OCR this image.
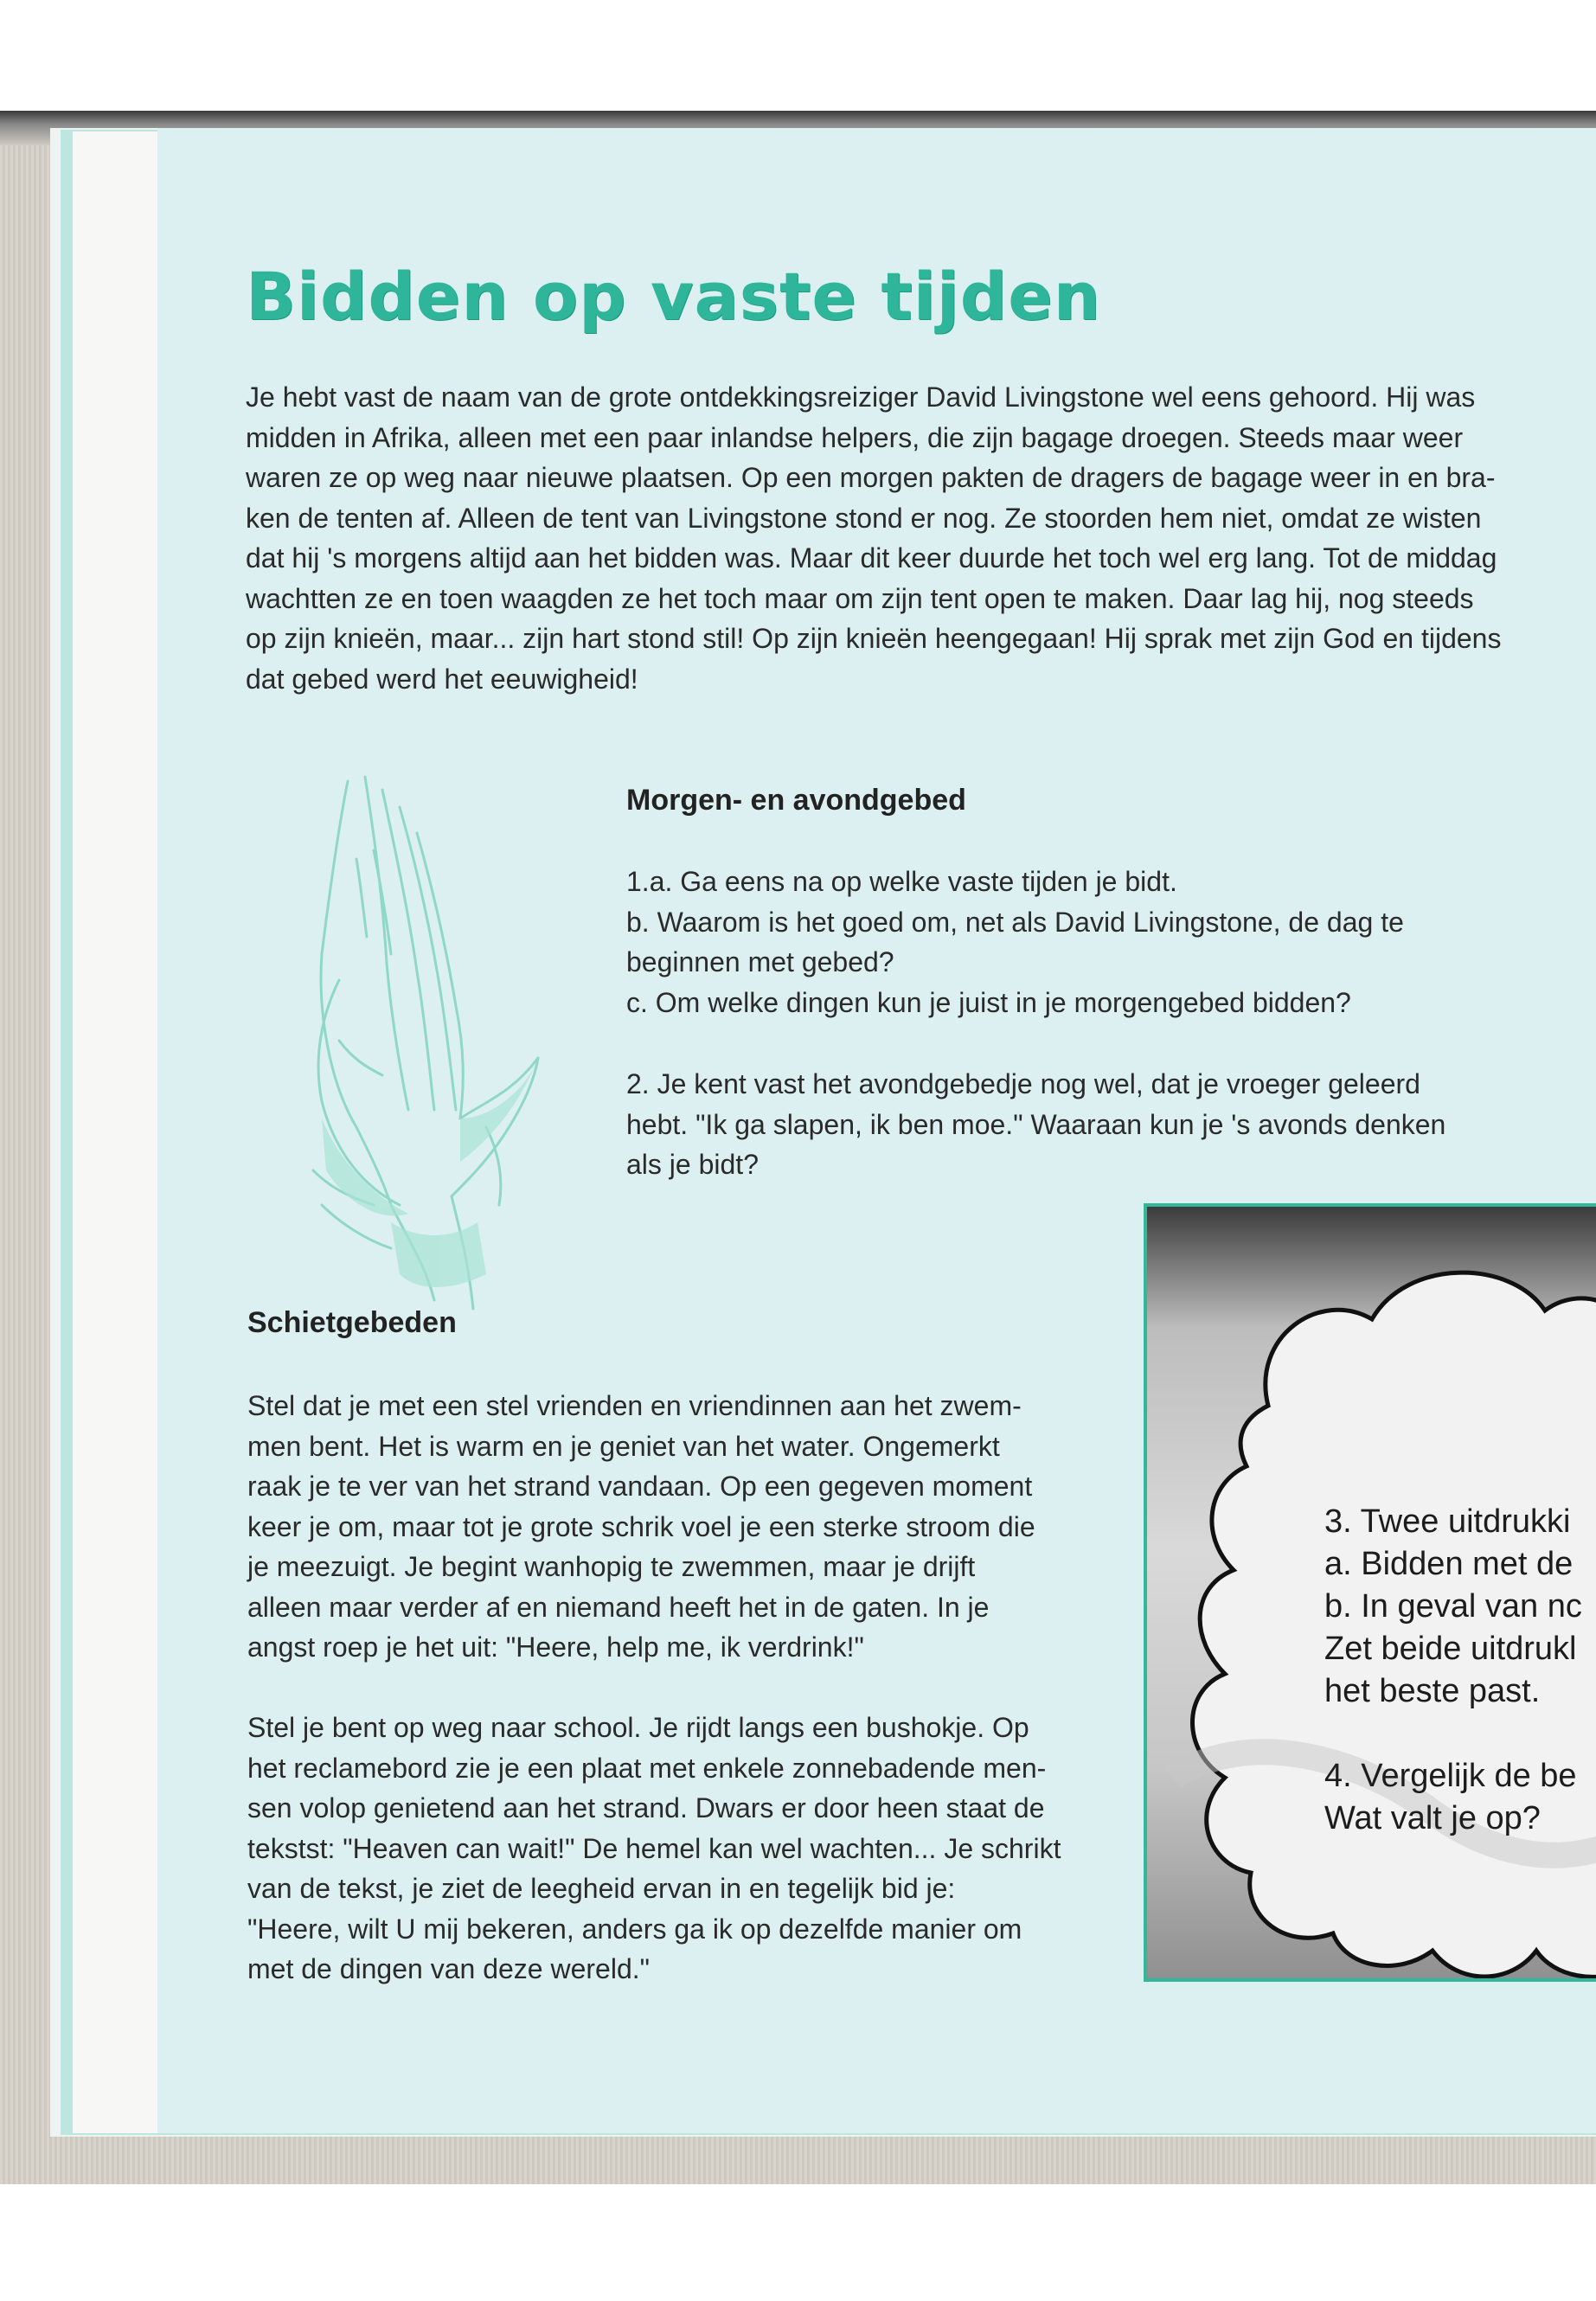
Bidden op vaste tijden
Je hebt vast de naam van de grote ontdekkingsreiziger David Livingstone wel eens gehoord. Hij was
midden in Afrika, alleen met een paar inlandse helpers, die zijn bagage droegen. Steeds maar weer
waren ze op weg naar nieuwe plaatsen. Op een morgen pakten de dragers de bagage weer in en bra-
ken de tenten af. Alleen de tent van Livingstone stond er nog. Ze stoorden hem niet, omdat ze wisten
dat hij 's morgens altijd aan het bidden was. Maar dit keer duurde het toch wel erg lang. Tot de middag
wachtten ze en toen waagden ze het toch maar om zijn tent open te maken. Daar lag hij, nog steeds
op zijn knieën, maar... zijn hart stond stil! Op zijn knieën heengegaan! Hij sprak met zijn God en tijdens
dat gebed werd het eeuwigheid!
Morgen- en avondgebed
1.a. Ga eens na op welke vaste tijden je bidt.
b. Waarom is het goed om, net als David Livingstone, de dag te
beginnen met gebed?
c. Om welke dingen kun je juist in je morgengebed bidden?
2. Je kent vast het avondgebedje nog wel, dat je vroeger geleerd
hebt. "Ik ga slapen, ik ben moe." Waaraan kun je 's avonds denken
als je bidt?
Schietgebeden
Stel dat je met een stel vrienden en vriendinnen aan het zwem-
men bent. Het is warm en je geniet van het water. Ongemerkt
raak je te ver van het strand vandaan. Op een gegeven moment
keer je om, maar tot je grote schrik voel je een sterke stroom die
je meezuigt. Je begint wanhopig te zwemmen, maar je drijft
alleen maar verder af en niemand heeft het in de gaten. In je
angst roep je het uit: "Heere, help me, ik verdrink!"
Stel je bent op weg naar school. Je rijdt langs een bushokje. Op
het reclamebord zie je een plaat met enkele zonnebadende men-
sen volop genietend aan het strand. Dwars er door heen staat de
tekstst: "Heaven can wait!" De hemel kan wel wachten... Je schrikt
van de tekst, je ziet de leegheid ervan in en tegelijk bid je:
"Heere, wilt U mij bekeren, anders ga ik op dezelfde manier om
met de dingen van deze wereld."
3. Twee uitdrukki
a. Bidden met de
b. In geval van nc
Zet beide uitdrukl
het beste past.
4. Vergelijk de be
Wat valt je op?
